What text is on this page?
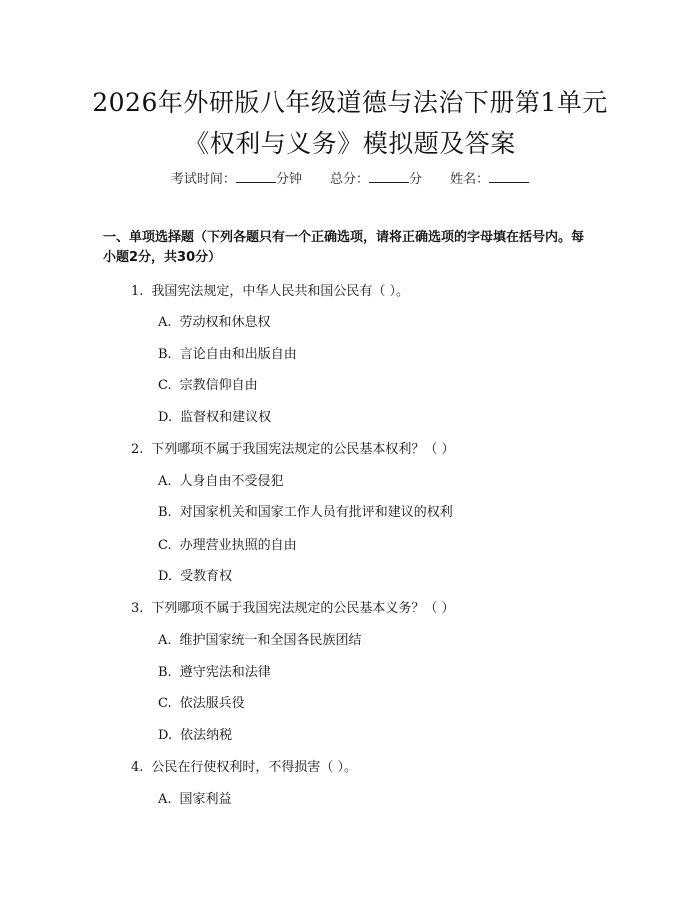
2026年外研版八年级道德与法治下册第1单元《权利与义务》模拟题及答案
考试时间：	分钟 总分：	分 姓名：

一、单项选择题（下列各题只有一个正确选项，请将正确选项的字母填在括号内。每小题2分，共30分）

1. 我国宪法规定，中华人民共和国公民有（ ）。
A. 劳动权和休息权
B. 言论自由和出版自由
C. 宗教信仰自由
D. 监督权和建议权
2. 下列哪项不属于我国宪法规定的公民基本权利？（ ）
A. 人身自由不受侵犯
B. 对国家机关和国家工作人员有批评和建议的权利
C. 办理营业执照的自由
D. 受教育权
3. 下列哪项不属于我国宪法规定的公民基本义务？（ ）
A. 维护国家统一和全国各民族团结
B. 遵守宪法和法律
C. 依法服兵役
D. 依法纳税
4. 公民在行使权利时，不得损害（ ）。
A. 国家利益
